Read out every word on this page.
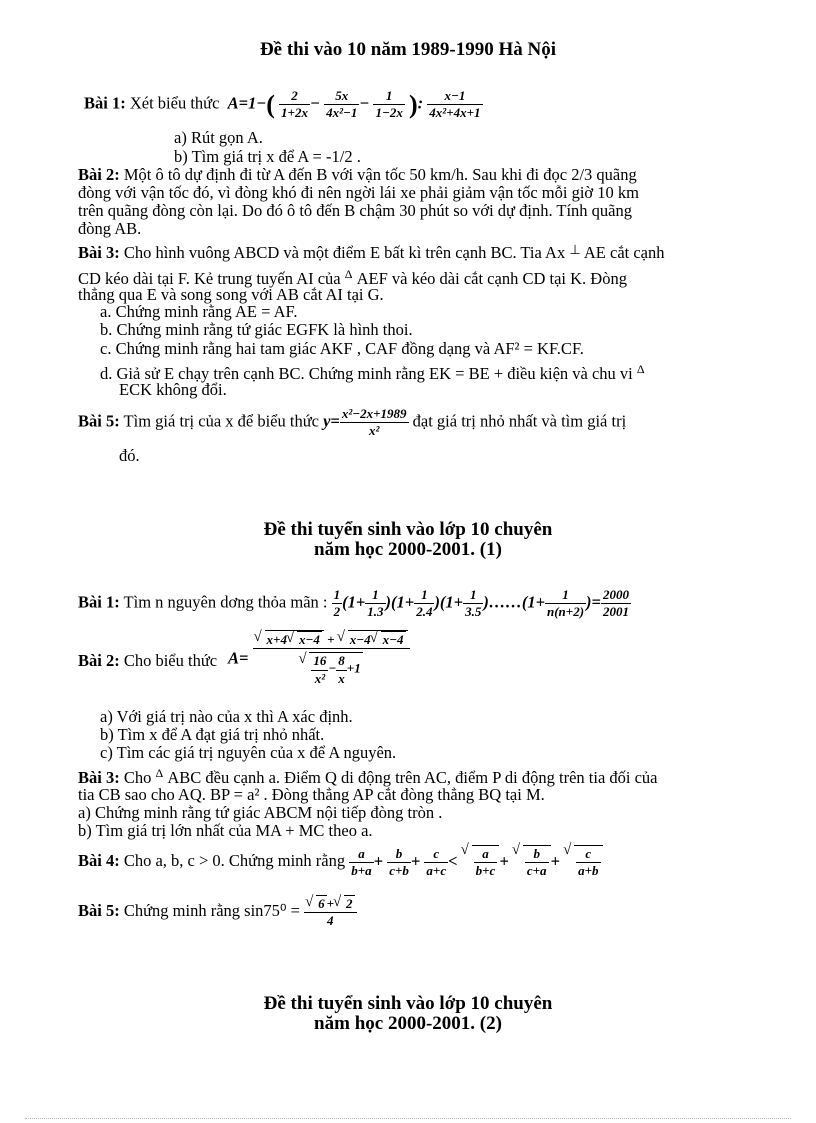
Đề thi vào 10 năm 1989-1990 Hà Nội
Bài 1: Xét biểu thức $A=1-( \frac{2}{1+2x} - \frac{5x}{\text{4x²−1}} - \frac{1}{1-2x}$ ): $\frac{x-1}{\text{4x²+4x+1}}$
a) Rút gọn A.
b) Tìm giá trị x để A = -1/2 .
Bài 2: Một ô tô dự định đi từ A đến B với vận tốc 50 km/h. Sau khi đi đọc 2/3 quãng
đòng với vận tốc đó, vì đòng khó đi nên ngời lái xe phải giảm vận tốc mỗi giờ 10 km
trên quãng đòng còn lại. Do đó ô tô đến B chậm 30 phút so với dự định. Tính quãng
đòng AB.
Bài 3: Cho hình vuông ABCD và một điểm E bất kì trên cạnh BC. Tia Ax ⊥ AE cắt cạnh
CD kéo dài tại F. Kẻ trung tuyến AI của $^\Delta$ AEF và kéo dài cắt cạnh CD tại K. Đòng
thẳng qua E và song song với AB cắt AI tại G.
a. Chứng minh rằng AE = AF.
b. Chứng minh rằng tứ giác EGFK là hình thoi.
c. Chứng minh rằng hai tam giác AKF , CAF đồng dạng và AF² = KF.CF.
d. Giả sử E chạy trên cạnh BC. Chứng minh rằng EK = BE + điều kiện và chu vi $^\Delta$
ECK không đổi.
Bài 5: Tìm giá trị của x để biểu thức $y= \frac{\text{x²−2x+1989}}{\text{x²}}$ đạt giá trị nhỏ nhất và tìm giá trị
đó.
Đề thi tuyển sinh vào lớp 10 chuyên
năm học 2000-2001. (1)
Bài 1: Tìm n nguyên dơng thỏa mãn : $\frac{1}{2} (1+ \frac{1}{1.3} )(1+ \frac{1}{2.4} )(1+ \frac{1}{3.5}$ )……(1+ $\frac{1}{n(n+2)}$ )= $\frac{2000}{2001}$
Bài 2: Cho biểu thức A= √ x+4 √ x−4 + √ x−4 √ x−4
√ $\frac{16}{\text{x²}} - \frac{8}{x} +1$
a) Với giá trị nào của x thì A xác định.
b) Tìm x để A đạt giá trị nhỏ nhất.
c) Tìm các giá trị nguyên của x để A nguyên.
Bài 3: Cho $^\Delta$ ABC đều cạnh a. Điểm Q di động trên AC, điểm P di động trên tia đối của
tia CB sao cho AQ. BP = a² . Đòng thẳng AP cắt đòng thẳng BQ tại M.
a) Chứng minh rằng tứ giác ABCM nội tiếp đòng tròn .
b) Tìm giá trị lớn nhất của MA + MC theo a.
Bài 4: Cho a, b, c > 0. Chứng minh rằng $\frac{a}{b+a} + \frac{b}{c+b} + \frac{c}{a+c}$ < √ $\frac{a}{b+c}$ + √ $\frac{b}{c+a}$ + √ $\frac{c}{a+b}$
Bài 5: Chứng minh rằng sin75⁰ = √ $\frac{6 + √ 2}{4}$
Đề thi tuyển sinh vào lớp 10 chuyên
năm học 2000-2001. (2)
